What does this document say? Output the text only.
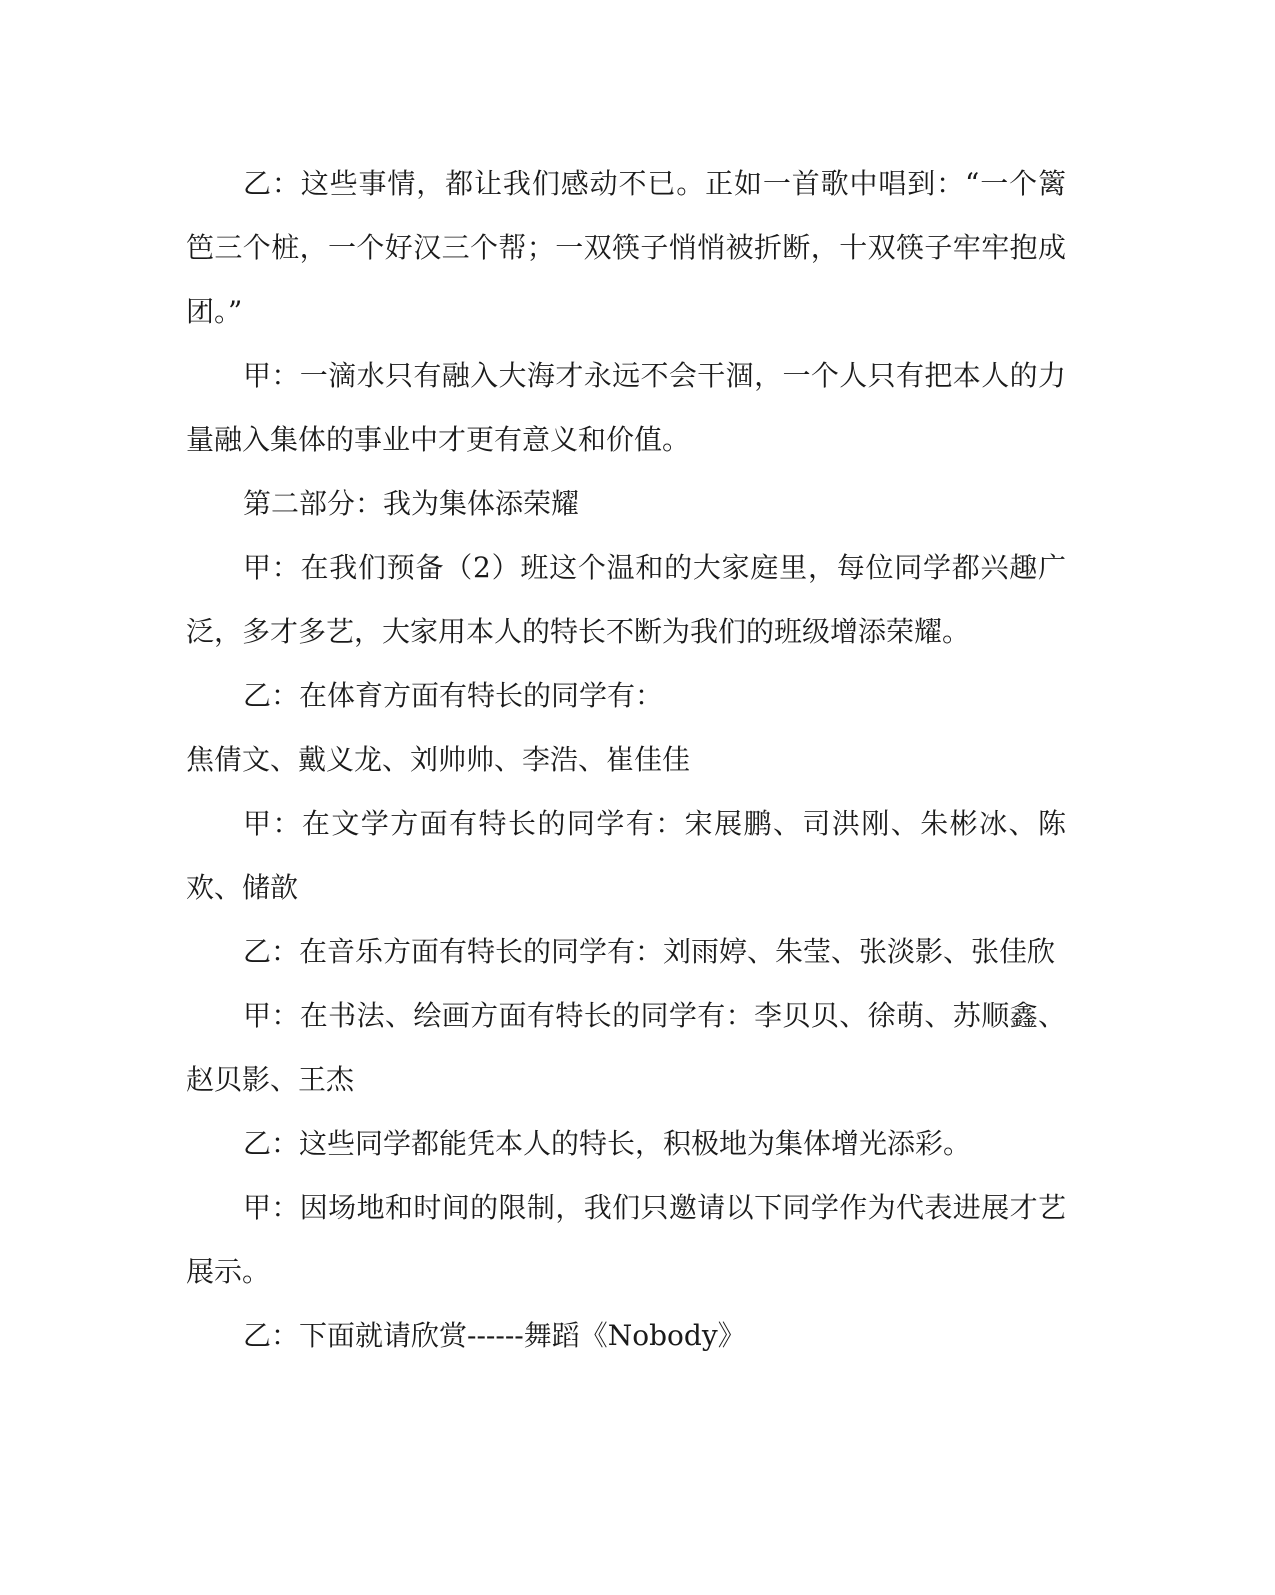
乙：这些事情，都让我们感动不已。正如一首歌中唱到：“一个篱笆三个桩，一个好汉三个帮；一双筷子悄悄被折断，十双筷子牢牢抱成团。”

甲：一滴水只有融入大海才永远不会干涸，一个人只有把本人的力量融入集体的事业中才更有意义和价值。

第二部分：我为集体添荣耀

甲：在我们预备（2）班这个温和的大家庭里，每位同学都兴趣广泛，多才多艺，大家用本人的特长不断为我们的班级增添荣耀。

乙：在体育方面有特长的同学有：

焦倩文、戴义龙、刘帅帅、李浩、崔佳佳

甲：在文学方面有特长的同学有：宋展鹏、司洪刚、朱彬冰、陈欢、储歆

乙：在音乐方面有特长的同学有：刘雨婷、朱莹、张淡影、张佳欣

甲：在书法、绘画方面有特长的同学有：李贝贝、徐萌、苏顺鑫、赵贝影、王杰

乙：这些同学都能凭本人的特长，积极地为集体增光添彩。

甲：因场地和时间的限制，我们只邀请以下同学作为代表进展才艺展示。

乙：下面就请欣赏------舞蹈《Nobody》
